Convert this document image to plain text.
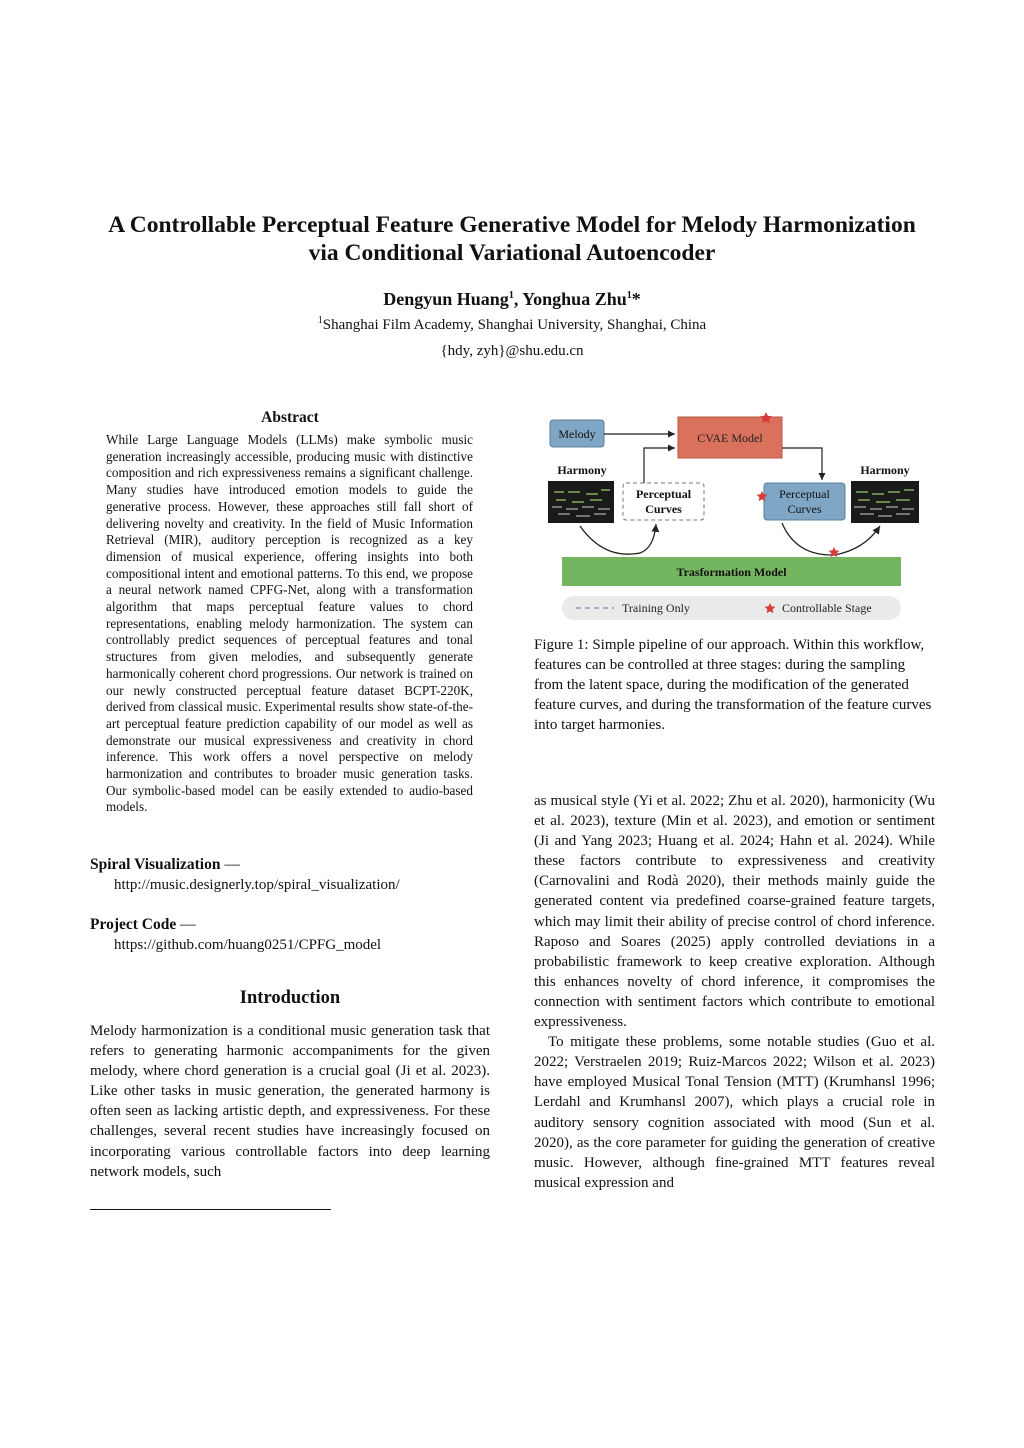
A Controllable Perceptual Feature Generative Model for Melody Harmonization
via Conditional Variational Autoencoder
Dengyun Huang$^1$, Yonghua Zhu$^1$*
$^1$Shanghai Film Academy, Shanghai University, Shanghai, China
{hdy, zyh}@shu.edu.cn
Abstract
While Large Language Models (LLMs) make symbolic music generation increasingly accessible, producing music with distinctive composition and rich expressiveness remains a significant challenge. Many studies have introduced emotion models to guide the generative process. However, these approaches still fall short of delivering novelty and creativity. In the field of Music Information Retrieval (MIR), auditory perception is recognized as a key dimension of musical experience, offering insights into both compositional intent and emotional patterns. To this end, we propose a neural network named CPFG-Net, along with a transformation algorithm that maps perceptual feature values to chord representations, enabling melody harmonization. The system can controllably predict sequences of perceptual features and tonal structures from given melodies, and subsequently generate harmonically coherent chord progressions. Our network is trained on our newly constructed perceptual feature dataset BCPT-220K, derived from classical music. Experimental results show state-of-the-art perceptual feature prediction capability of our model as well as demonstrate our musical expressiveness and creativity in chord inference. This work offers a novel perspective on melody harmonization and contributes to broader music generation tasks. Our symbolic-based model can be easily extended to audio-based models.
Spiral Visualization —
http://music.designerly.top/spiral_visualization/
Project Code —
https://github.com/huang0251/CPFG_model
Introduction
Melody harmonization is a conditional music generation task that refers to generating harmonic accompaniments for the given melody, where chord generation is a crucial goal (Ji et al. 2023). Like other tasks in music generation, the generated harmony is often seen as lacking artistic depth, and expressiveness. For these challenges, several recent studies have increasingly focused on incorporating various controllable factors into deep learning network models, such
Melody	CVAE Model
Harmony	Harmony
Perceptual
Curves
Perceptual
Curves
Trasformation Model
Training Only	Controllable Stage
Figure 1: Simple pipeline of our approach. Within this workflow, features can be controlled at three stages: during the sampling from the latent space, during the modification of the generated feature curves, and during the transformation of the feature curves into target harmonies.

as musical style (Yi et al. 2022; Zhu et al. 2020), harmonicity (Wu et al. 2023), texture (Min et al. 2023), and emotion or sentiment (Ji and Yang 2023; Huang et al. 2024; Hahn et al. 2024). While these factors contribute to expressiveness and creativity (Carnovalini and Rodà 2020), their methods mainly guide the generated content via predefined coarse-grained feature targets, which may limit their ability of precise control of chord inference. Raposo and Soares (2025) apply controlled deviations in a probabilistic framework to keep creative exploration. Although this enhances novelty of chord inference, it compromises the connection with sentiment factors which contribute to emotional expressiveness.

To mitigate these problems, some notable studies (Guo et al. 2022; Verstraelen 2019; Ruiz-Marcos 2022; Wilson et al. 2023) have employed Musical Tonal Tension (MTT) (Krumhansl 1996; Lerdahl and Krumhansl 2007), which plays a crucial role in auditory sensory cognition associated with mood (Sun et al. 2020), as the core parameter for guiding the generation of creative music. However, although fine-grained MTT features reveal musical expression and
